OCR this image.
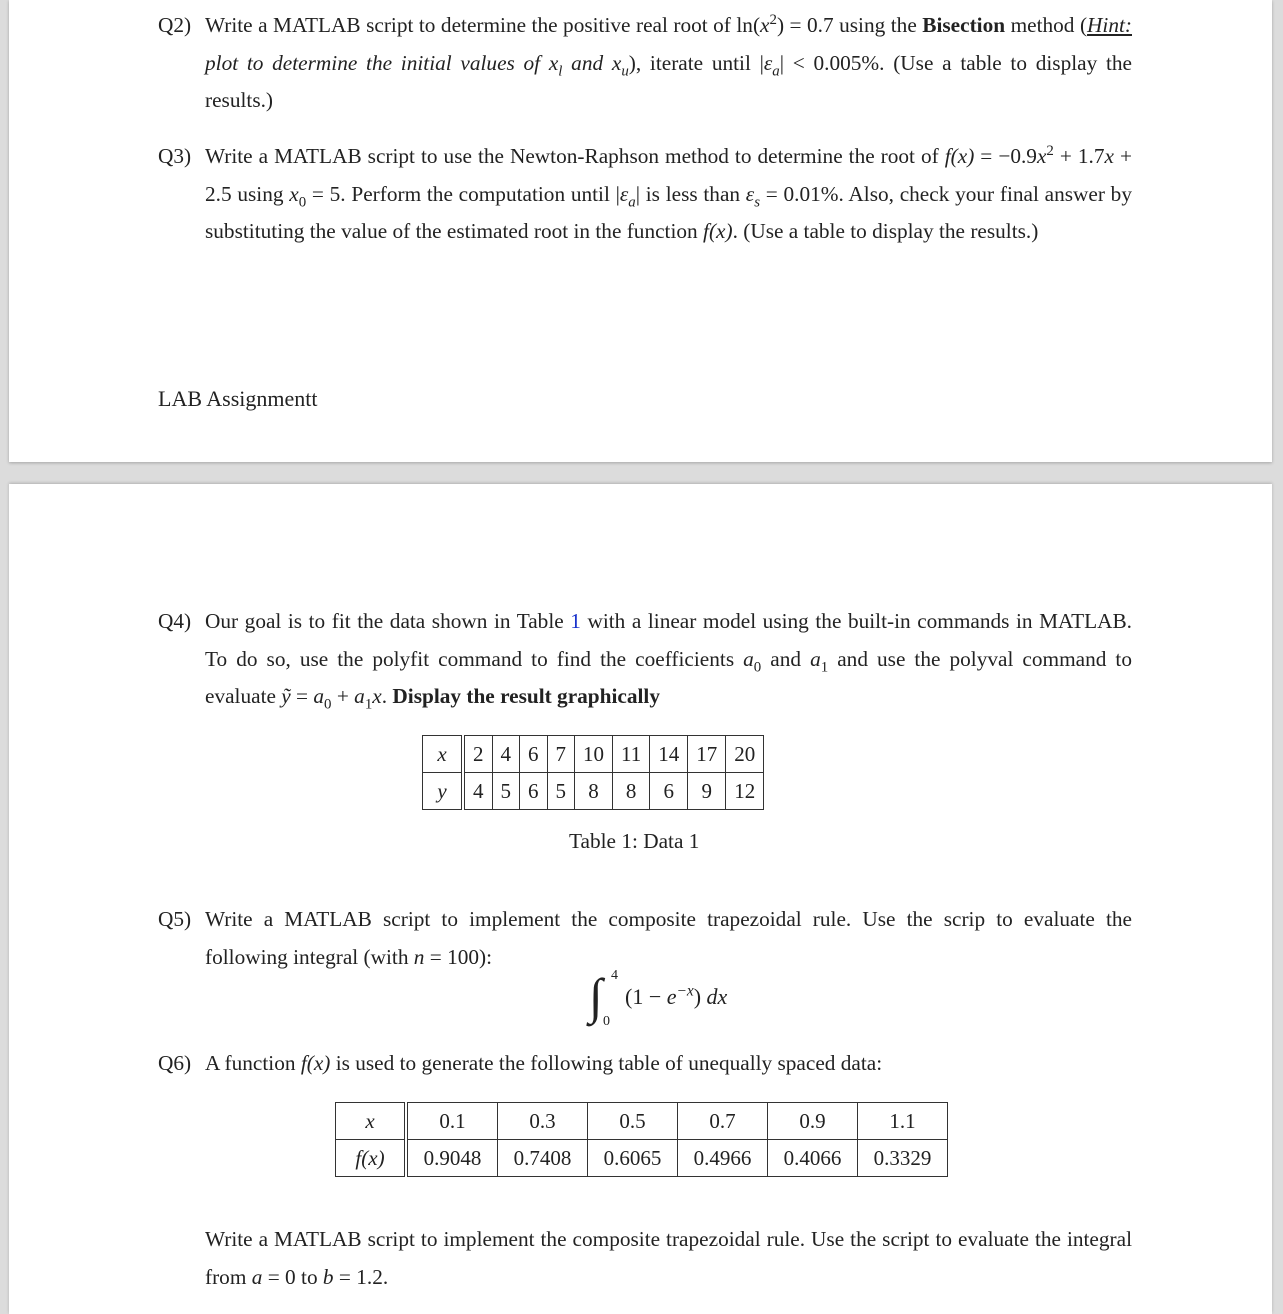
Q2) Write a MATLAB script to determine the positive real root of $\ln(x^2) = 0.7$ using the Bisection method (Hint: plot to determine the initial values of $x_l$ and $x_u$), iterate until $|\varepsilon_a| < 0.005\%$. (Use a table to display the results.)
Q3) Write a MATLAB script to use the Newton-Raphson method to determine the root of $f(x) = -0.9x^2 + 1.7x + 2.5$ using $x_0 = 5$. Perform the computation until $|\varepsilon_a|$ is less than $\varepsilon_s = 0.01\%$. Also, check your final answer by substituting the value of the estimated root in the function f(x). (Use a table to display the results.)
LAB Assignmentt
Q4) Our goal is to fit the data shown in Table 1 with a linear model using the built-in commands in MATLAB. To do so, use the polyfit command to find the coefficients $a_0$ and $a_1$ and use the polyval command to evaluate ỹ = $a_0 + a_1x$. Display the result graphically
x	2	4	6	7	10	11	14	17	20
y	4	5	6	5	8	8	6	9	12
Table 1: Data 1
Q5) Write a MATLAB script to implement the composite trapezoidal rule. Use the scrip to evaluate the following integral (with n = 100):
∫ 4
0
$(1 - e^{-x})$ dx
Q6) A function f(x) is used to generate the following table of unequally spaced data:
x	0.1	0.3	0.5	0.7	0.9	1.1
f(x)	0.9048	0.7408	0.6065	0.4966	0.4066	0.3329
Write a MATLAB script to implement the composite trapezoidal rule. Use the script to evaluate the integral from a = 0 to b = 1.2.
